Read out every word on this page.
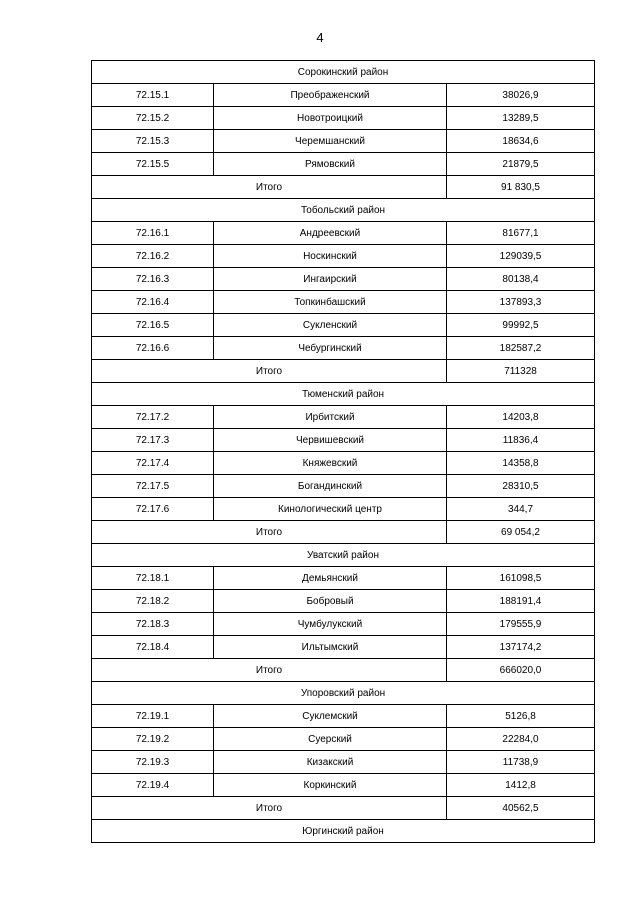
4
Сорокинский район		
72.15.1	Преображенский	38026,9
72.15.2	Новотроицкий	13289,5
72.15.3	Черемшанский	18634,6
72.15.5	Рямовский	21879,5
Итого		91 830,5
Тобольский район		
72.16.1	Андреевский	81677,1
72.16.2	Носкинский	129039,5
72.16.3	Ингаирский	80138,4
72.16.4	Топкинбашский	137893,3
72.16.5	Сукленский	99992,5
72.16.6	Чебургинский	182587,2
Итого		711328
Тюменский район		
72.17.2	Ирбитский	14203,8
72.17.3	Червишевский	11836,4
72.17.4	Княжевский	14358,8
72.17.5	Богандинский	28310,5
72.17.6	Кинологический центр	344,7
Итого		69 054,2
Уватский район		
72.18.1	Демьянский	161098,5
72.18.2	Бобровый	188191,4
72.18.3	Чумбулукский	179555,9
72.18.4	Ильтымский	137174,2
Итого		666020,0
Упоровский район		
72.19.1	Суклемский	5126,8
72.19.2	Суерский	22284,0
72.19.3	Кизакский	11738,9
72.19.4	Коркинский	1412,8
Итого		40562,5
Юргинский район		
